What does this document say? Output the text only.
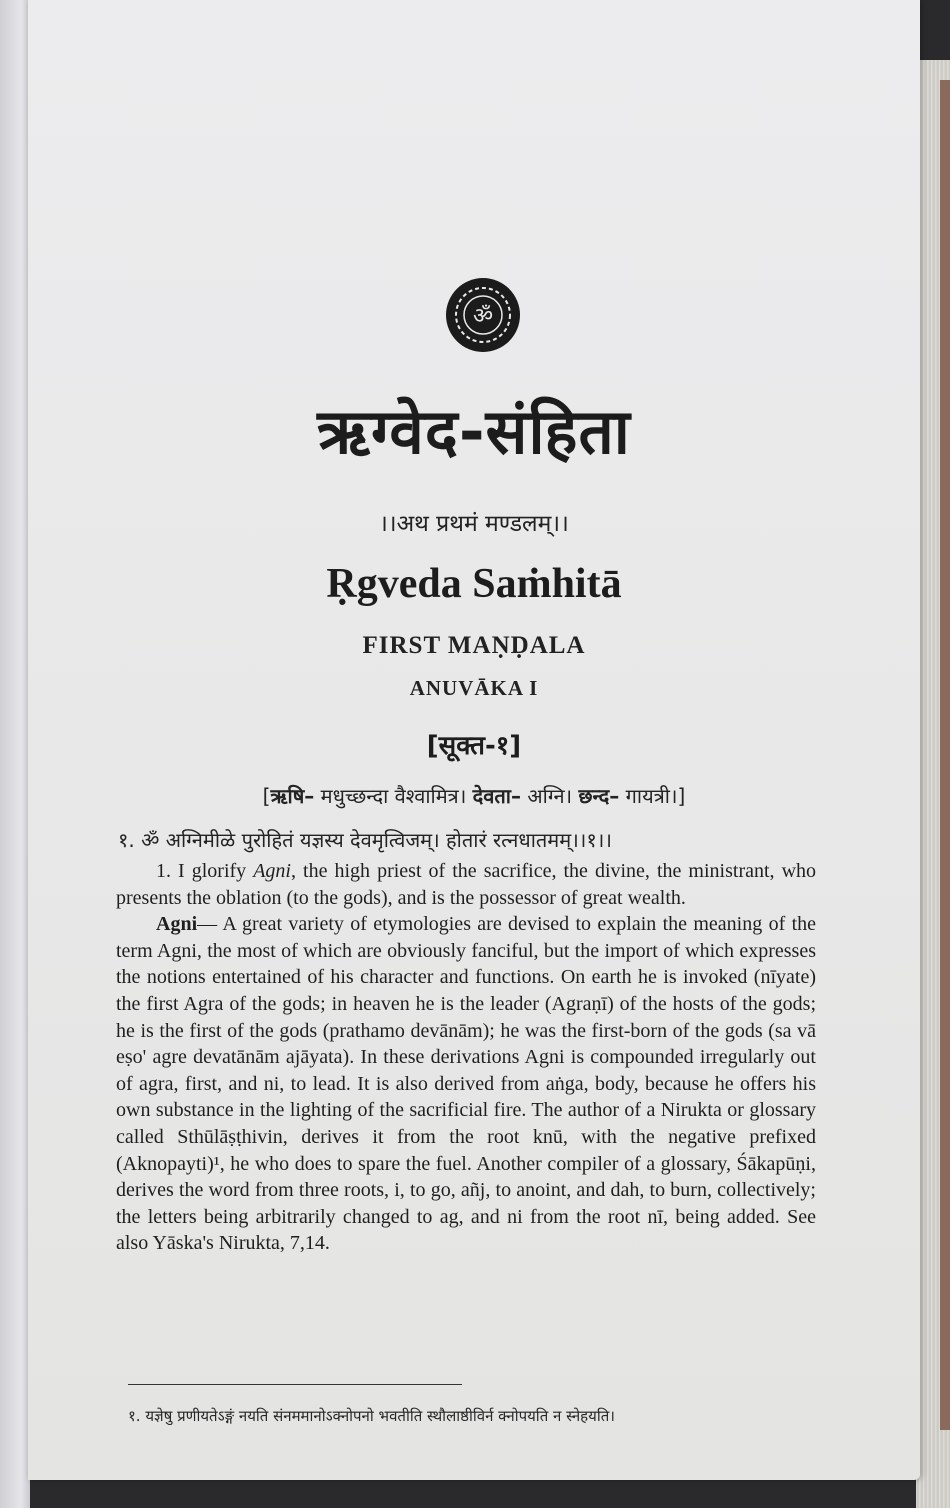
ॐ
ऋग्वेद-संहिता
।।अथ प्रथमं मण्डलम्।।
Ṛgveda Saṁhitā
FIRST MAṆḌALA
ANUVĀKA I
[सूक्त-१]
[ऋषि– मधुच्छन्दा वैश्वामित्र। देवता– अग्नि। छन्द– गायत्री।]
१. ॐ अग्निमीळे पुरोहितं यज्ञस्य देवमृत्विजम्। होतारं रत्नधातमम्।।१।।

1. I glorify Agni, the high priest of the sacrifice, the divine, the ministrant, who presents the oblation (to the gods), and is the possessor of great wealth.

Agni— A great variety of etymologies are devised to explain the meaning of the term Agni, the most of which are obviously fanciful, but the import of which expresses the notions entertained of his character and functions. On earth he is invoked (nīyate) the first Agra of the gods; in heaven he is the leader (Agraṇī) of the hosts of the gods; he is the first of the gods (prathamo devānām); he was the first-born of the gods (sa vā eṣo' agre devatānām ajāyata). In these derivations Agni is compounded irregularly out of agra, first, and ni, to lead. It is also derived from aṅga, body, because he offers his own substance in the lighting of the sacrificial fire. The author of a Nirukta or glossary called Sthūlāṣṭhivin, derives it from the root knū, with the negative prefixed (Aknopayti)¹, he who does to spare the fuel. Another compiler of a glossary, Śākapūṇi, derives the word from three roots, i, to go, añj, to anoint, and dah, to burn, collectively; the letters being arbitrarily changed to ag, and ni from the root nī, being added. See also Yāska's Nirukta, 7,14.

१. यज्ञेषु प्रणीयतेऽङ्गं नयति संनममानोऽक्नोपनो भवतीति स्थौलाष्ठीविर्न क्नोपयति न स्नेहयति।
